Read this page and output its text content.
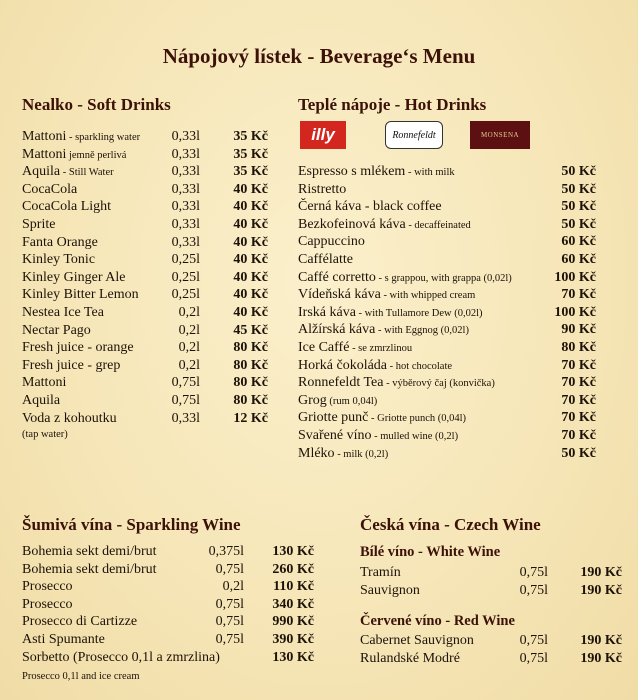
Nápojový lístek - Beverage‘s Menu
Nealko - Soft Drinks
Mattoni - sparkling water	0,33l	35 Kč
Mattoni jemně perlivá	0,33l	35 Kč
Aquila - Still Water	0,33l	35 Kč
CocaCola	0,33l	40 Kč
CocaCola Light	0,33l	40 Kč
Sprite	0,33l	40 Kč
Fanta Orange	0,33l	40 Kč
Kinley Tonic	0,25l	40 Kč
Kinley Ginger Ale	0,25l	40 Kč
Kinley Bitter Lemon	0,25l	40 Kč
Nestea Ice Tea	0,2l	40 Kč
Nectar Pago	0,2l	45 Kč
Fresh juice - orange	0,2l	80 Kč
Fresh juice - grep	0,2l	80 Kč
Mattoni	0,75l	80 Kč
Aquila	0,75l	80 Kč
Voda z kohoutku	0,33l	12 Kč
(tap water)
Teplé nápoje - Hot Drinks
illy	Ronnefeldt	MONSENA
Espresso s mlékem - with milk	50 Kč
Ristretto	50 Kč
Černá káva - black coffee	50 Kč
Bezkofeinová káva - decaffeinated	50 Kč
Cappuccino	60 Kč
Caffélatte	60 Kč
Caffé corretto - s grappou, with grappa (0,02l)	100 Kč
Vídeňská káva - with whipped cream	70 Kč
Irská káva - with Tullamore Dew (0,02l)	100 Kč
Alžírská káva - with Eggnog (0,02l)	90 Kč
Ice Caffé - se zmrzlinou	80 Kč
Horká čokoláda - hot chocolate	70 Kč
Ronnefeldt Tea - výběrový čaj (konvička)	70 Kč
Grog (rum 0,04l)	70 Kč
Griotte punč - Griotte punch (0,04l)	70 Kč
Svařené víno - mulled wine (0,2l)	70 Kč
Mléko - milk (0,2l)	50 Kč
Šumivá vína - Sparkling Wine
Bohemia sekt demi/brut	0,375l	130 Kč
Bohemia sekt demi/brut	0,75l	260 Kč
Prosecco	0,2l	110 Kč
Prosecco	0,75l	340 Kč
Prosecco di Cartizze	0,75l	990 Kč
Asti Spumante	0,75l	390 Kč
Sorbetto (Prosecco 0,1l a zmrzlina)	130 Kč
Prosecco 0,1l and ice cream
Česká vína - Czech Wine
Bílé víno - White Wine
Tramín	0,75l	190 Kč
Sauvignon	0,75l	190 Kč
Červené víno - Red Wine
Cabernet Sauvignon	0,75l	190 Kč
Rulandské Modré	0,75l	190 Kč
